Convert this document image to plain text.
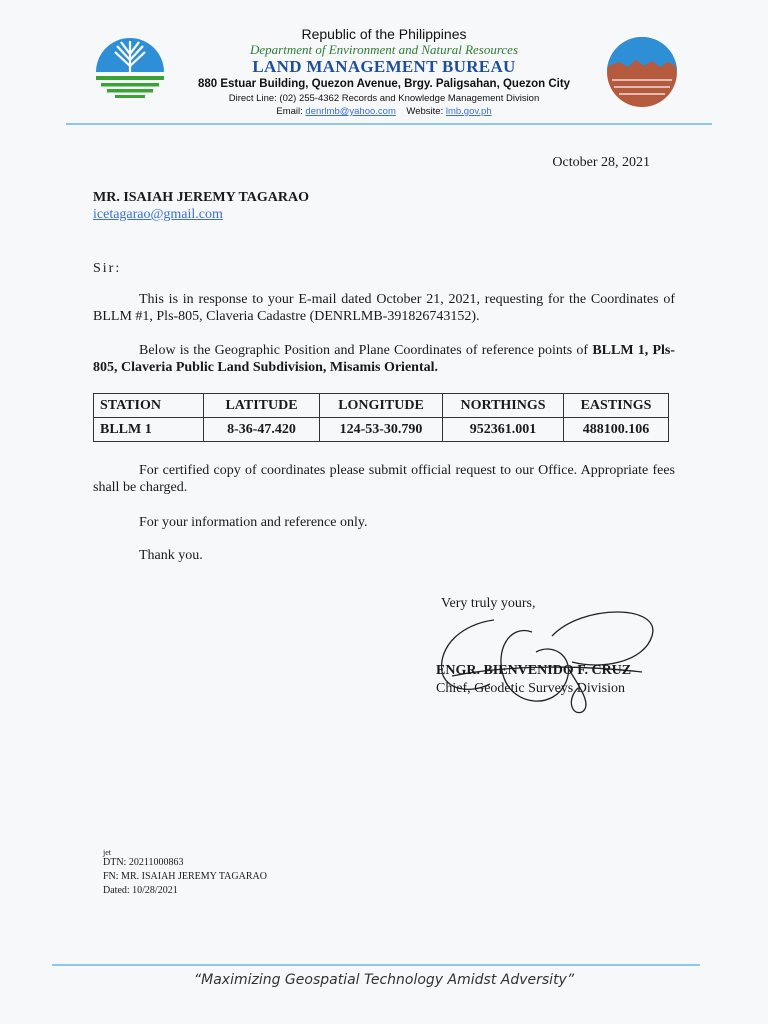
Republic of the Philippines
Department of Environment and Natural Resources
LAND MANAGEMENT BUREAU
880 Estuar Building, Quezon Avenue, Brgy. Paligsahan, Quezon City
Direct Line: (02) 255-4362 Records and Knowledge Management Division
Email: denrlmb@yahoo.com Website: lmb.gov.ph
October 28, 2021
MR. ISAIAH JEREMY TAGARAO
icetagarao@gmail.com
Sir:
This is in response to your E-mail dated October 21, 2021, requesting for the Coordinates of BLLM #1, Pls-805, Claveria Cadastre (DENRLMB-391826743152).
Below is the Geographic Position and Plane Coordinates of reference points of BLLM 1, Pls-805, Claveria Public Land Subdivision, Misamis Oriental.
STATION	LATITUDE	LONGITUDE	NORTHINGS	EASTINGS
BLLM 1	8-36-47.420	124-53-30.790	952361.001	488100.106
For certified copy of coordinates please submit official request to our Office. Appropriate fees shall be charged.
For your information and reference only.
Thank you.
Very truly yours,
ENGR. BIENVENIDO F. CRUZ
Chief, Geodetic Surveys Division
jet
DTN: 20211000863
FN: MR. ISAIAH JEREMY TAGARAO
Dated: 10/28/2021
“Maximizing Geospatial Technology Amidst Adversity”
